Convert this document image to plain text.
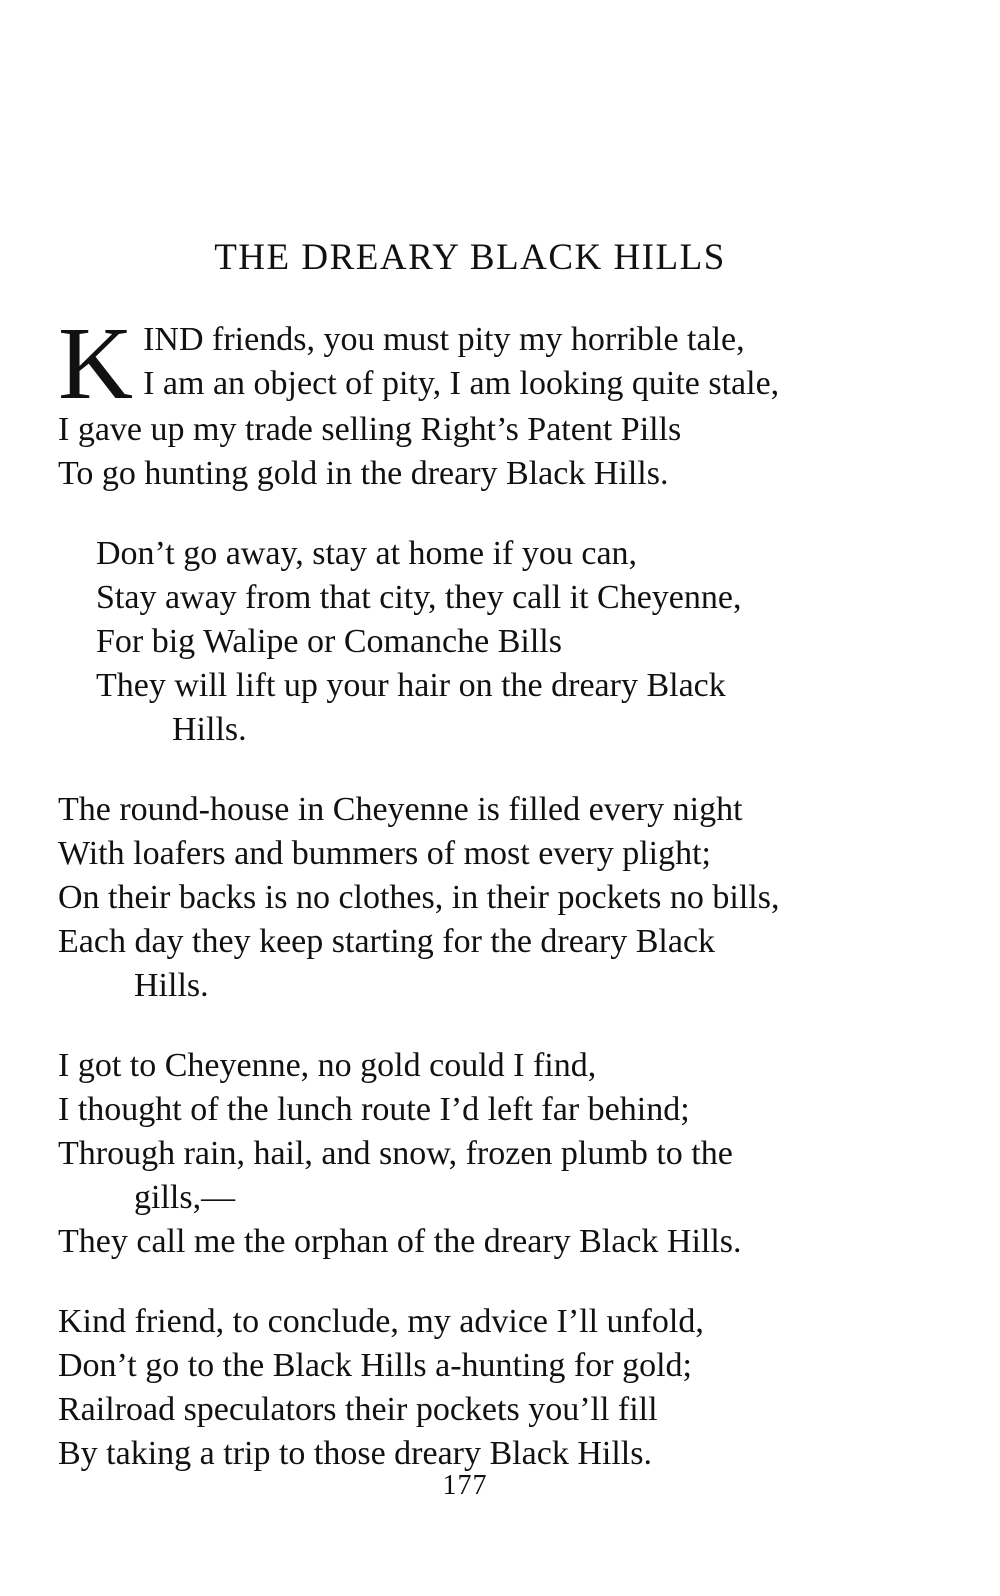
THE DREARY BLACK HILLS
K IND friends, you must pity my horrible tale,
I am an object of pity, I am looking quite stale,
I gave up my trade selling Right’s Patent Pills
To go hunting gold in the dreary Black Hills.
Don’t go away, stay at home if you can,
Stay away from that city, they call it Cheyenne,
For big Walipe or Comanche Bills
They will lift up your hair on the dreary Black
Hills.
The round-house in Cheyenne is filled every night
With loafers and bummers of most every plight;
On their backs is no clothes, in their pockets no bills,
Each day they keep starting for the dreary Black
Hills.
I got to Cheyenne, no gold could I find,
I thought of the lunch route I’d left far behind;
Through rain, hail, and snow, frozen plumb to the
gills,—
They call me the orphan of the dreary Black Hills.
Kind friend, to conclude, my advice I’ll unfold,
Don’t go to the Black Hills a-hunting for gold;
Railroad speculators their pockets you’ll fill
By taking a trip to those dreary Black Hills.
177
